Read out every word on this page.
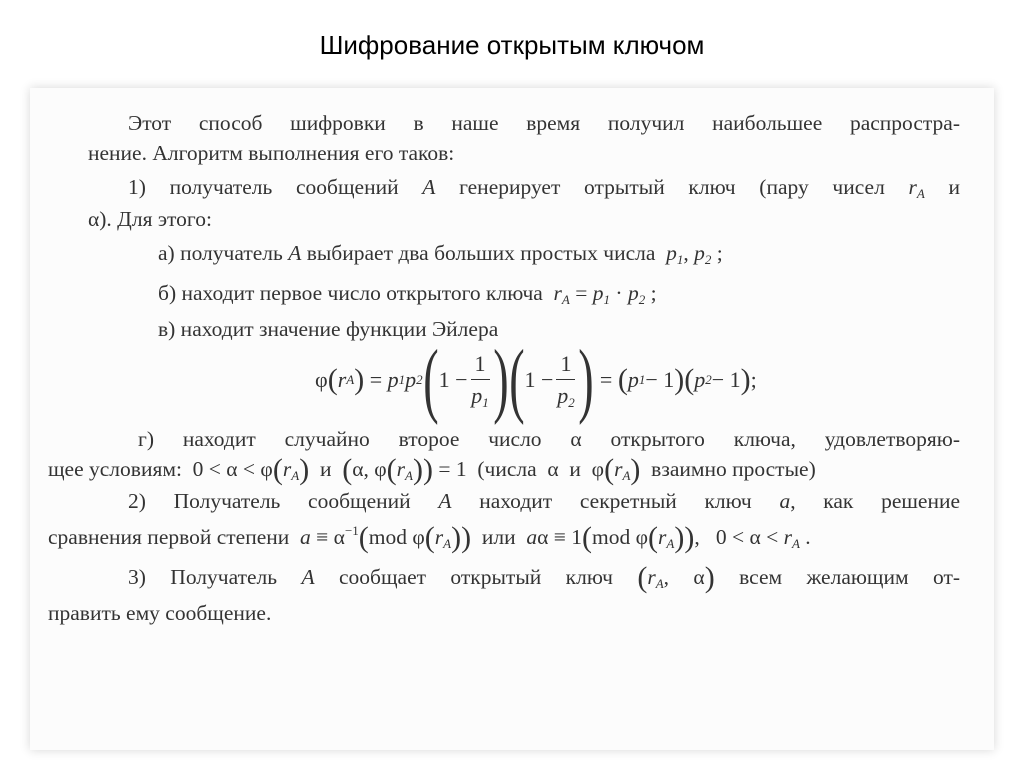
Шифрование открытым ключом
Этот способ шифровки в наше время получил наибольшее распростра-
нение. Алгоритм выполнения его таков:
1) получатель сообщений A генерирует отрытый ключ (пару чисел $r_A$ и
α). Для этого:
а) получатель A выбирает два больших простых числа $p_1$, $p_2$ ;
б) находит первое число открытого ключа $r_A = p_1 \cdot p_2$ ;
в) находит значение функции Эйлера
φ ( r A ) = p 1 p 2 ( $1 - \frac{1}{p_1}$ ) ( $1 - \frac{1}{p_2}$ ) = ( p 1 − 1 )( p 2 − 1 ) ;
г) находит случайно второе число α открытого ключа, удовлетворяю-
щее условиям:  $0 < \alpha < \varphi(r_A)$ и (α, $\varphi(r_A)) = 1$  (числа  α  и  $\varphi(r_A)$ взаимно простые)
2) Получатель сообщений A находит секретный ключ a, как решение
сравнения первой степени $a \equiv \alpha^{-1}(mod$ $\varphi(r_A)$) или aα ≡ 1(mod $\varphi(r_A)$),   $0 < \alpha < r_A$ .
3) Получатель A сообщает открытый ключ ($r_A$, α) всем желающим от-
править ему сообщение.
